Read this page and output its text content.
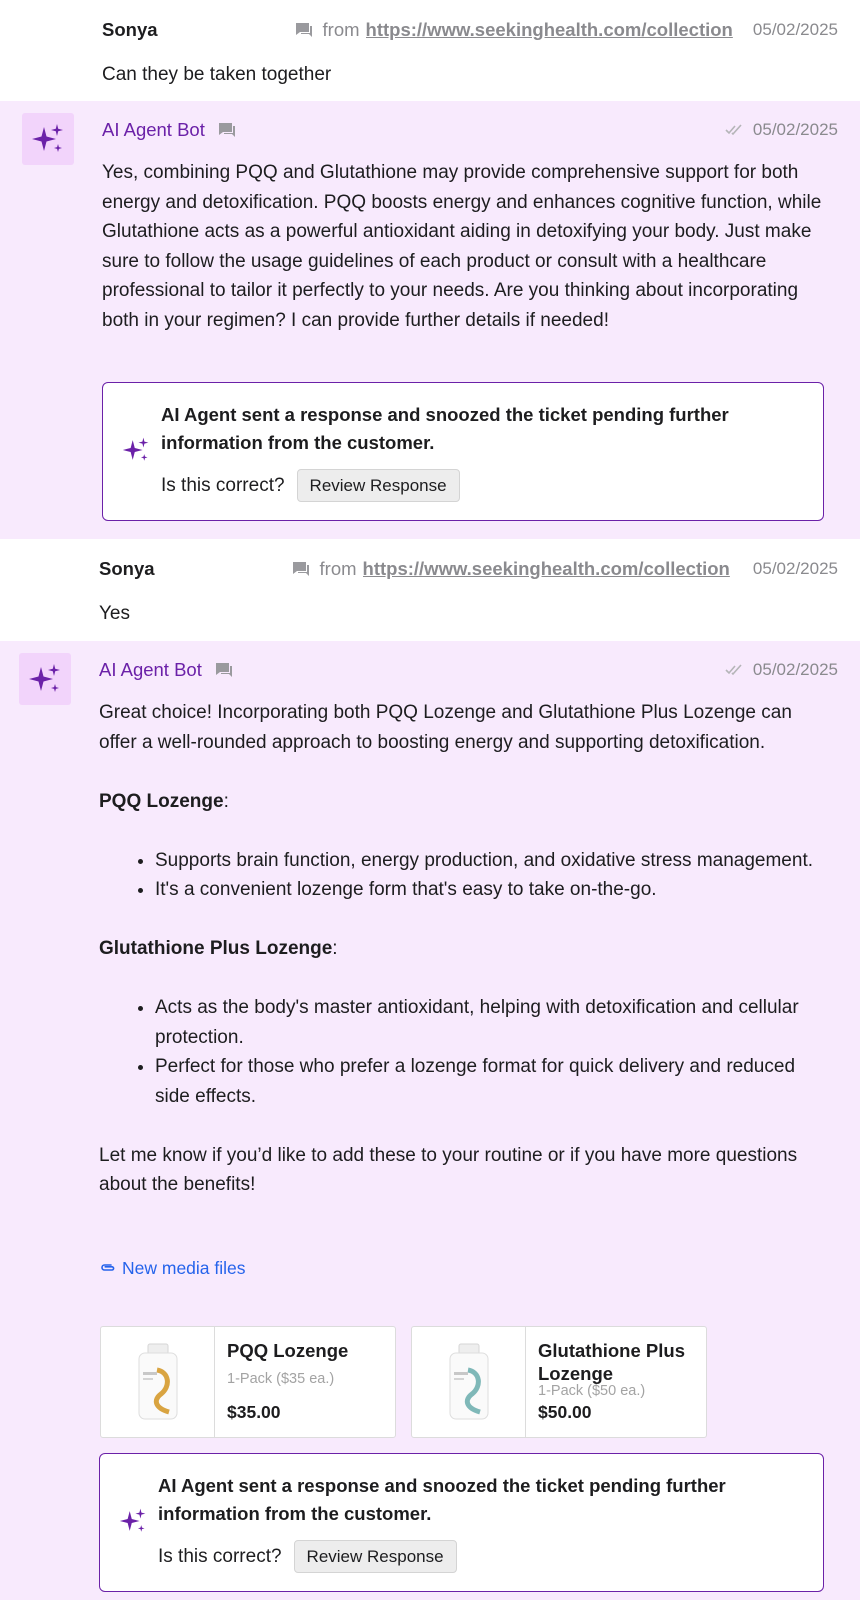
Sonya	from https://www.seekinghealth.com/collection 05/02/2025
Can they be taken together
AI Agent Bot	05/02/2025
Yes, combining PQQ and Glutathione may provide comprehensive support for both energy and detoxification. PQQ boosts energy and enhances cognitive function, while Glutathione acts as a powerful antioxidant aiding in detoxifying your body. Just make sure to follow the usage guidelines of each product or consult with a healthcare professional to tailor it perfectly to your needs. Are you thinking about incorporating both in your regimen? I can provide further details if needed!
AI Agent sent a response and snoozed the ticket pending further information from the customer.
Is this correct?	Review Response
Sonya	from https://www.seekinghealth.com/collection 05/02/2025
Yes
AI Agent Bot	05/02/2025

Great choice! Incorporating both PQQ Lozenge and Glutathione Plus Lozenge can offer a well-rounded approach to boosting energy and supporting detoxification.

PQQ Lozenge:

• Supports brain function, energy production, and oxidative stress management.
• It's a convenient lozenge form that's easy to take on-the-go.

Glutathione Plus Lozenge:

• Acts as the body's master antioxidant, helping with detoxification and cellular protection.
• Perfect for those who prefer a lozenge format for quick delivery and reduced side effects.

Let me know if you’d like to add these to your routine or if you have more questions about the benefits!

New media files
PQQ Lozenge
1-Pack ($35 ea.)
$35.00
Glutathione Plus Lozenge
1-Pack ($50 ea.)
$50.00
AI Agent sent a response and snoozed the ticket pending further information from the customer.
Is this correct?	Review Response
